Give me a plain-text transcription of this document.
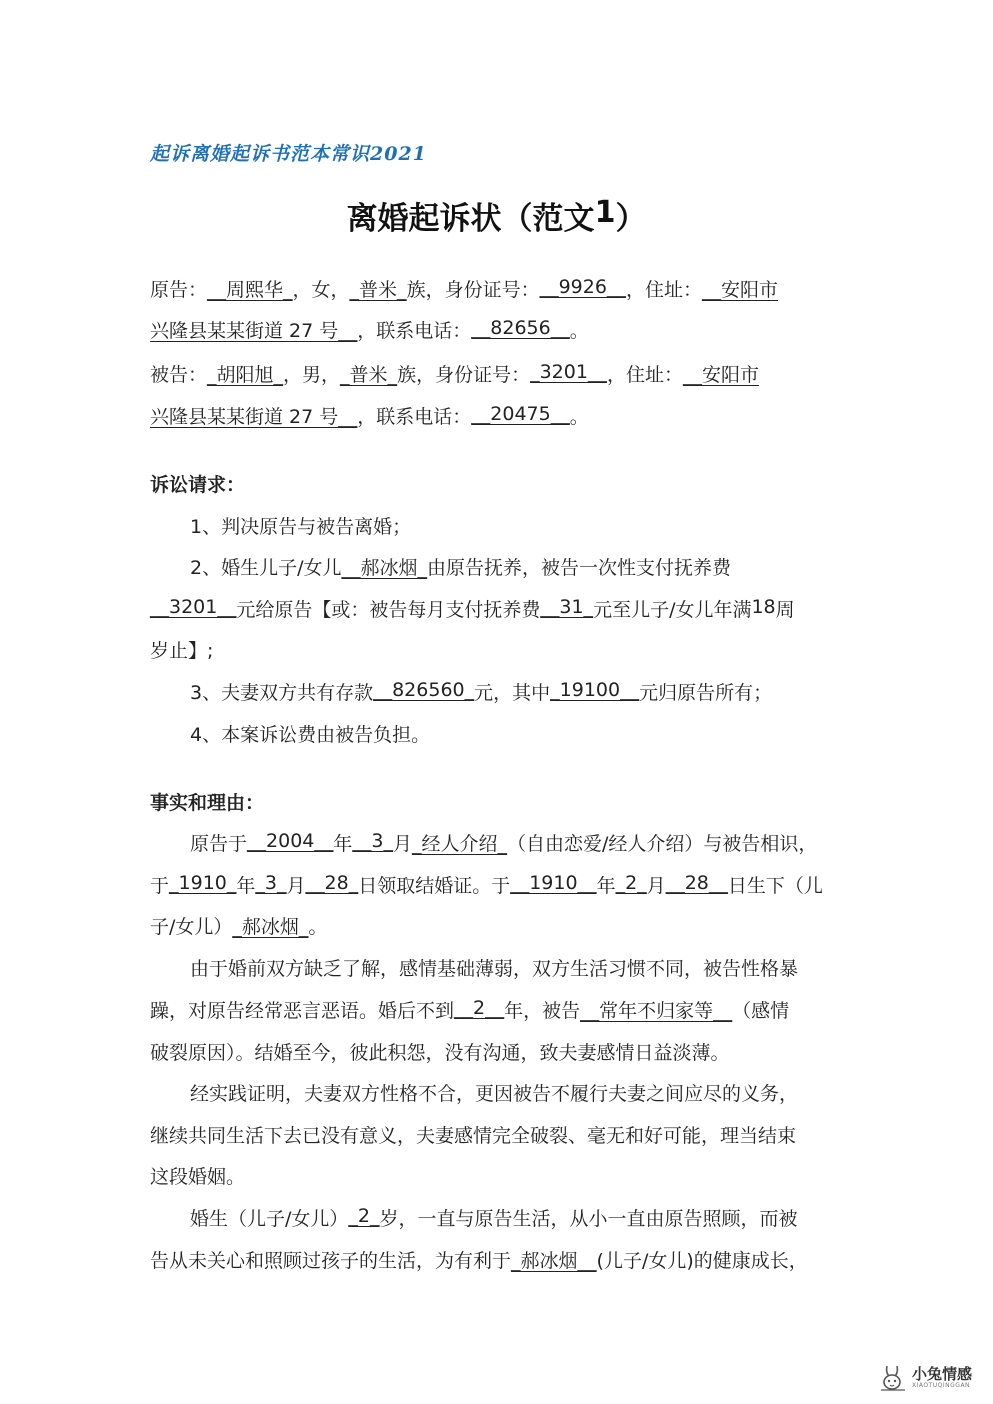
起诉离婚起诉书范本常识2021
离婚起诉状（范文1）
原告：__周熙华_，女，_普米_族，身份证号：__9926__，住址：__安阳市
兴隆县某某街道 27 号__，联系电话：__82656__。
被告：_胡阳旭_，男，_普米_族，身份证号：_3201__，住址：__安阳市
兴隆县某某街道 27 号__，联系电话：__20475__。
诉讼请求：
1、判决原告与被告离婚；
2、婚生儿子/女儿__郝冰烟_由原告抚养，被告一次性支付抚养费
__3201__元给原告【或：被告每月支付抚养费__31_元至儿子/女儿年满18周
岁止】;
3、夫妻双方共有存款__826560_元，其中_19100__元归原告所有；
4、本案诉讼费由被告负担。
事实和理由：
原告于__2004__年__3_月_经人介绍_（自由恋爱/经人介绍）与被告相识，
于_1910_年_3_月__28_日领取结婚证。于__1910__年_2_月__28__日生下（儿
子/女儿）_郝冰烟_。
由于婚前双方缺乏了解，感情基础薄弱，双方生活习惯不同，被告性格暴
躁，对原告经常恶言恶语。婚后不到__2__年，被告__常年不归家等__（感情
破裂原因）。结婚至今，彼此积怨，没有沟通，致夫妻感情日益淡薄。
经实践证明，夫妻双方性格不合，更因被告不履行夫妻之间应尽的义务，
继续共同生活下去已没有意义，夫妻感情完全破裂、毫无和好可能，理当结束
这段婚姻。
婚生（儿子/女儿）_2_岁，一直与原告生活，从小一直由原告照顾，而被
告从未关心和照顾过孩子的生活，为有利于_郝冰烟__(儿子/女儿)的健康成长，
小兔情感
XIAOTUQINGGAN
